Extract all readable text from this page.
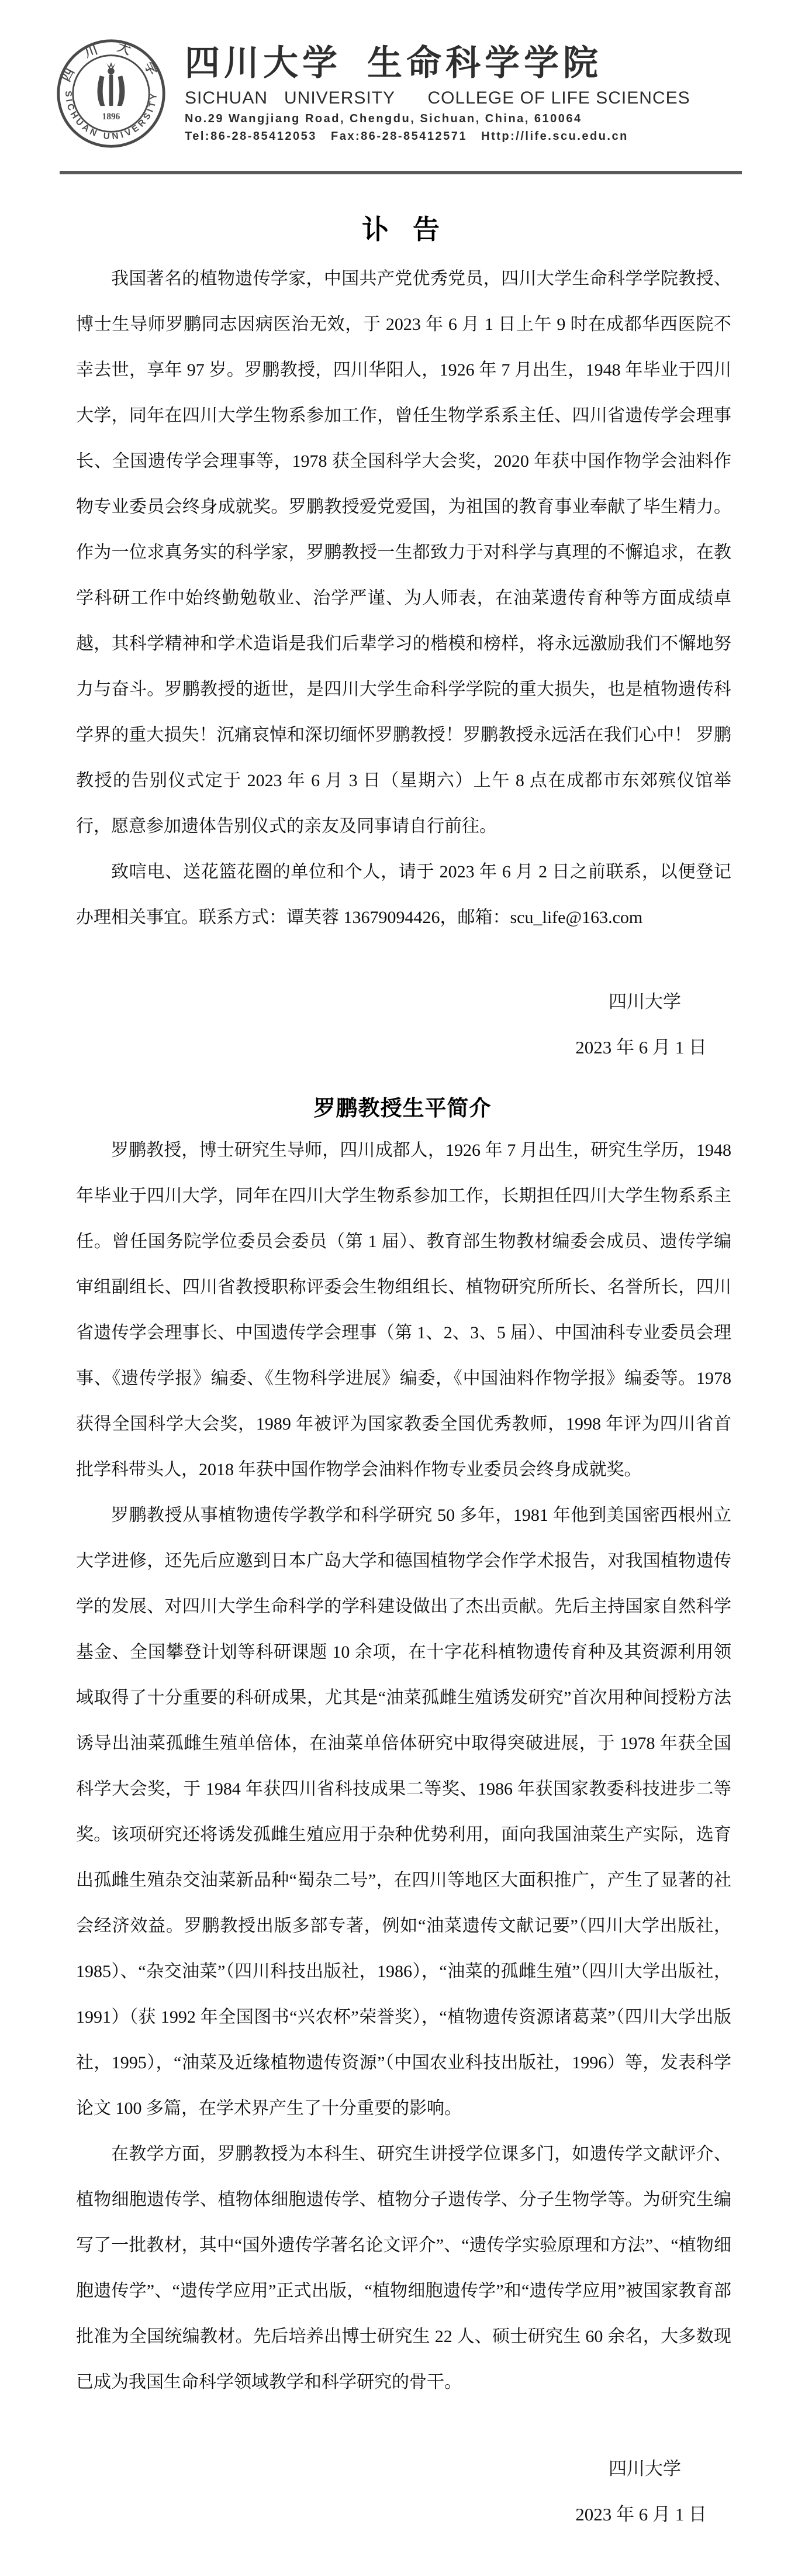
四 川 大 学
SICHUAN UNIVERSITY
1896
四川大学  生命科学学院
SICHUAN   UNIVERSITY      COLLEGE OF LIFE SCIENCES
No.29 Wangjiang Road, Chengdu, Sichuan, China, 610064
Tel:86-28-85412053   Fax:86-28-85412571   Http://life.scu.edu.cn
讣  告

我国著名的植物遗传学家，中国共产党优秀党员，四川大学生命科学学院教授、博士生导师罗鹏同志因病医治无效，于 2023 年 6 月 1 日上午 9 时在成都华西医院不幸去世，享年 97 岁。罗鹏教授，四川华阳人，1926 年 7 月出生，1948 年毕业于四川大学，同年在四川大学生物系参加工作，曾任生物学系系主任、四川省遗传学会理事长、全国遗传学会理事等，1978 获全国科学大会奖，2020 年获中国作物学会油料作物专业委员会终身成就奖。罗鹏教授爱党爱国，为祖国的教育事业奉献了毕生精力。作为一位求真务实的科学家，罗鹏教授一生都致力于对科学与真理的不懈追求，在教学科研工作中始终勤勉敬业、治学严谨、为人师表，在油菜遗传育种等方面成绩卓越，其科学精神和学术造诣是我们后辈学习的楷模和榜样，将永远激励我们不懈地努力与奋斗。罗鹏教授的逝世，是四川大学生命科学学院的重大损失，也是植物遗传科学界的重大损失！沉痛哀悼和深切缅怀罗鹏教授！罗鹏教授永远活在我们心中！ 罗鹏教授的告别仪式定于 2023 年 6 月 3 日（星期六）上午 8 点在成都市东郊殡仪馆举行，愿意参加遗体告别仪式的亲友及同事请自行前往。

致唁电、送花篮花圈的单位和个人，请于 2023 年 6 月 2 日之前联系，以便登记办理相关事宜。联系方式：谭芙蓉 13679094426，邮箱：scu_life@163.com

四川大学
2023 年 6 月 1 日
罗鹏教授生平简介

罗鹏教授，博士研究生导师，四川成都人，1926 年 7 月出生，研究生学历，1948 年毕业于四川大学，同年在四川大学生物系参加工作，长期担任四川大学生物系系主任。曾任国务院学位委员会委员（第 1 届）、教育部生物教材编委会成员、遗传学编审组副组长、四川省教授职称评委会生物组组长、植物研究所所长、名誉所长，四川省遗传学会理事长、中国遗传学会理事（第 1、2、3、5 届）、中国油科专业委员会理事、《遗传学报》编委、《生物科学进展》编委，《中国油料作物学报》编委等。1978 获得全国科学大会奖，1989 年被评为国家教委全国优秀教师，1998 年评为四川省首批学科带头人，2018 年获中国作物学会油料作物专业委员会终身成就奖。

罗鹏教授从事植物遗传学教学和科学研究 50 多年，1981 年他到美国密西根州立大学进修，还先后应邀到日本广岛大学和德国植物学会作学术报告，对我国植物遗传学的发展、对四川大学生命科学的学科建设做出了杰出贡献。先后主持国家自然科学基金、全国攀登计划等科研课题 10 余项，在十字花科植物遗传育种及其资源利用领域取得了十分重要的科研成果，尤其是“油菜孤雌生殖诱发研究”首次用种间授粉方法诱导出油菜孤雌生殖单倍体，在油菜单倍体研究中取得突破进展，于 1978 年获全国科学大会奖，于 1984 年获四川省科技成果二等奖、1986 年获国家教委科技进步二等奖。该项研究还将诱发孤雌生殖应用于杂种优势利用，面向我国油菜生产实际，选育出孤雌生殖杂交油菜新品种“蜀杂二号”，在四川等地区大面积推广，产生了显著的社会经济效益。罗鹏教授出版多部专著，例如“油菜遗传文献记要”（四川大学出版社，1985）、“杂交油菜”（四川科技出版社，1986），“油菜的孤雌生殖”（四川大学出版社，1991）（获 1992 年全国图书“兴农杯”荣誉奖），“植物遗传资源诸葛菜”（四川大学出版社，1995），“油菜及近缘植物遗传资源”（中国农业科技出版社，1996）等，发表科学论文 100 多篇，在学术界产生了十分重要的影响。

在教学方面，罗鹏教授为本科生、研究生讲授学位课多门，如遗传学文献评介、植物细胞遗传学、植物体细胞遗传学、植物分子遗传学、分子生物学等。为研究生编写了一批教材，其中“国外遗传学著名论文评介”、“遗传学实验原理和方法”、“植物细胞遗传学”、“遗传学应用”正式出版，“植物细胞遗传学”和“遗传学应用”被国家教育部批准为全国统编教材。先后培养出博士研究生 22 人、硕士研究生 60 余名，大多数现已成为我国生命科学领域教学和科学研究的骨干。

四川大学
2023 年 6 月 1 日
